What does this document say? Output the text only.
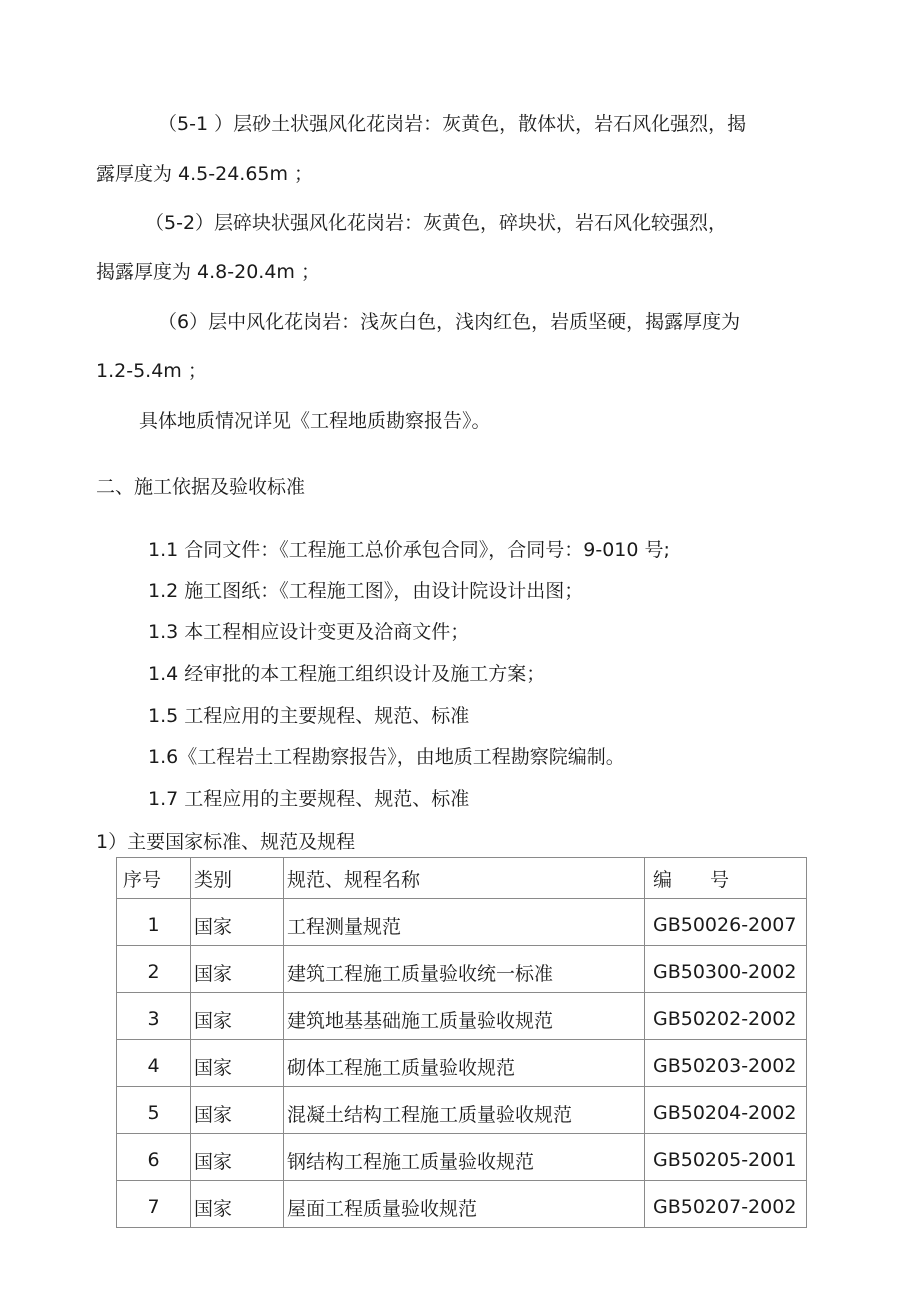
（5-1 ）层砂土状强风化花岗岩：灰黄色，散体状，岩石风化强烈，揭
露厚度为 4.5-24.65m ；
（5-2）层碎块状强风化花岗岩：灰黄色，碎块状，岩石风化较强烈，
揭露厚度为 4.8-20.4m ；
（6）层中风化花岗岩：浅灰白色，浅肉红色，岩质坚硬，揭露厚度为
1.2-5.4m ；
具体地质情况详见《工程地质勘察报告》。
二、施工依据及验收标准
1.1 合同文件：《工程施工总价承包合同》，合同号：9-010 号;
1.2 施工图纸：《工程施工图》，由设计院设计出图；
1.3 本工程相应设计变更及洽商文件；
1.4 经审批的本工程施工组织设计及施工方案；
1.5 工程应用的主要规程、规范、标准
1.6《工程岩土工程勘察报告》，由地质工程勘察院编制。
1.7 工程应用的主要规程、规范、标准
1）主要国家标准、规范及规程
序号	类别	规范、规程名称	编　　号
1	国家	工程测量规范	GB50026-2007
2	国家	建筑工程施工质量验收统一标准	GB50300-2002
3	国家	建筑地基基础施工质量验收规范	GB50202-2002
4	国家	砌体工程施工质量验收规范	GB50203-2002
5	国家	混凝土结构工程施工质量验收规范	GB50204-2002
6	国家	钢结构工程施工质量验收规范	GB50205-2001
7	国家	屋面工程质量验收规范	GB50207-2002
